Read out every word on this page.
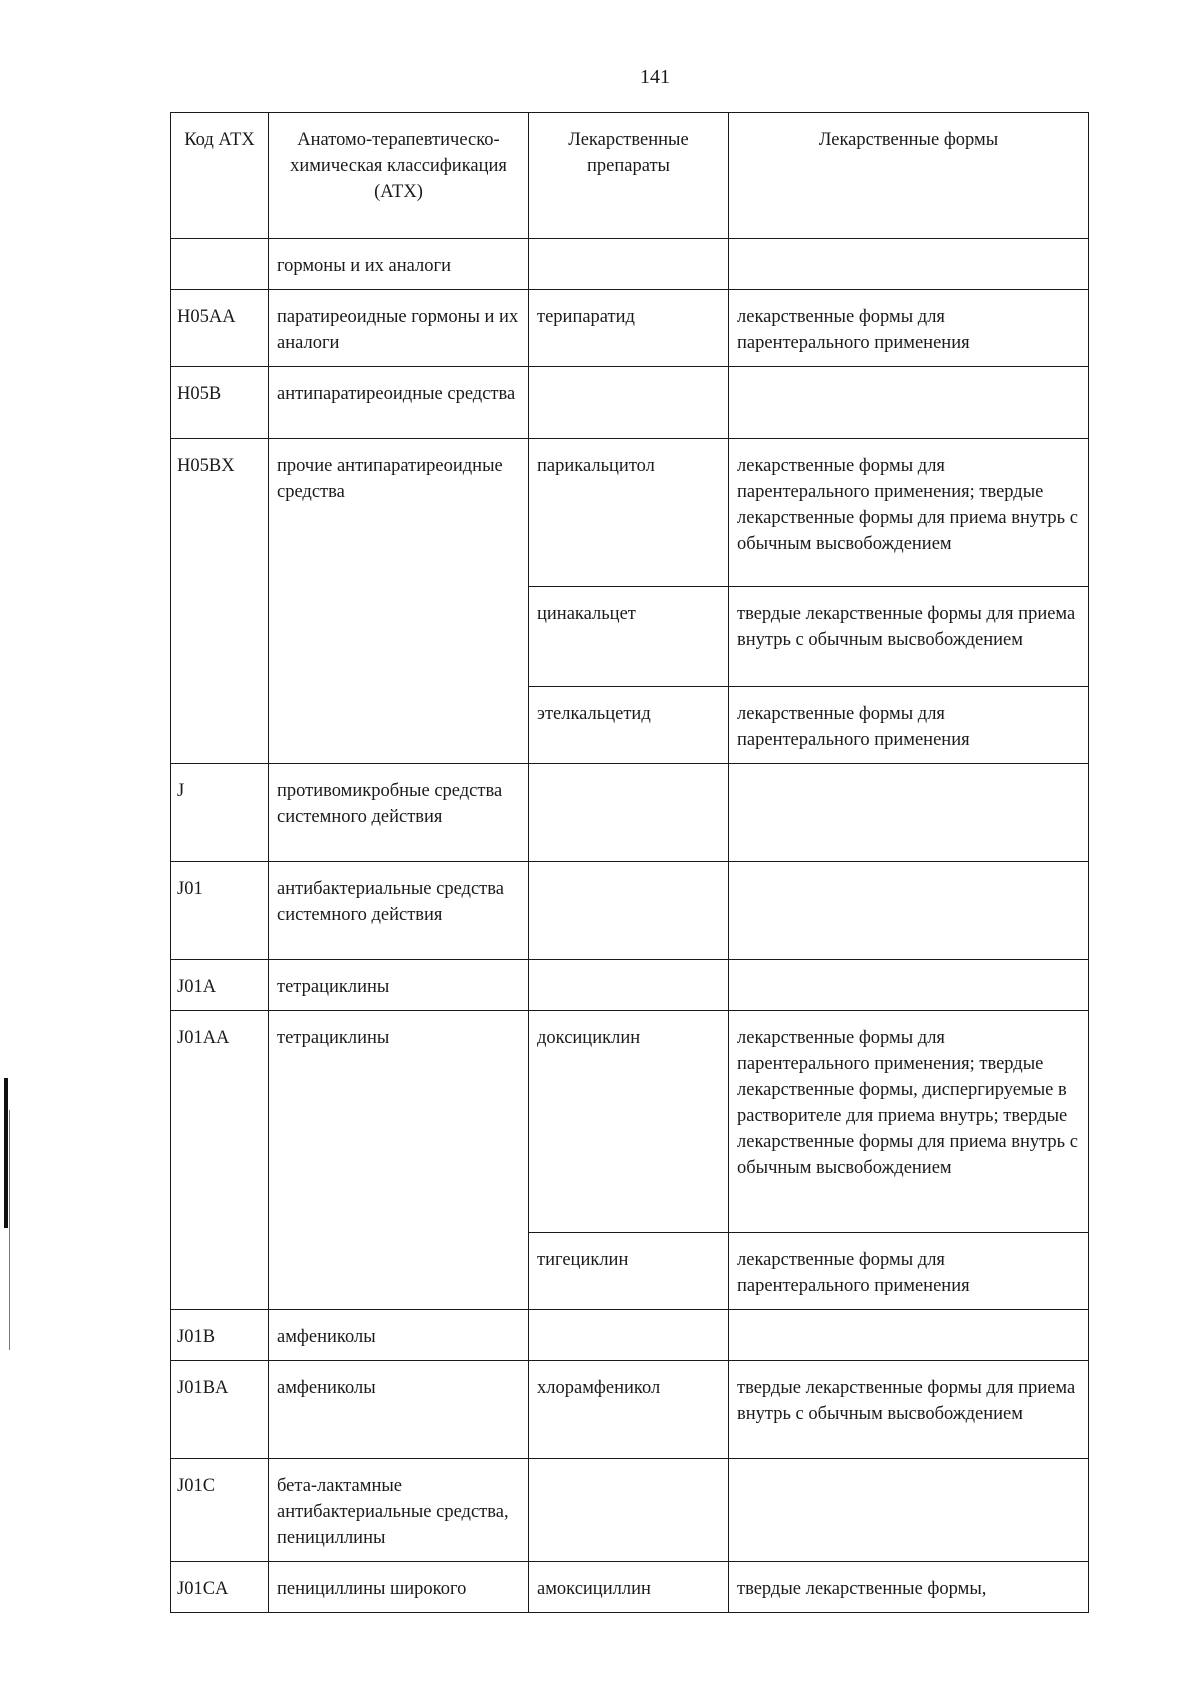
141
Код АТХ	Анатомо-терапевтическо-химическая классификация (АТХ)	Лекарственные препараты	Лекарственные формы
	гормоны и их аналоги		
H05AA	паратиреоидные гормоны и их аналоги	терипаратид	лекарственные формы для парентерального применения
H05B	антипаратиреоидные средства		
H05BX	прочие антипаратиреоидные средства	парикальцитол	лекарственные формы для парентерального применения; твердые лекарственные формы для приема внутрь с обычным высвобождением
		цинакальцет	твердые лекарственные формы для приема внутрь с обычным высвобождением
		этелкальцетид	лекарственные формы для парентерального применения
J	противомикробные средства системного действия		
J01	антибактериальные средства системного действия		
J01A	тетрациклины		
J01AA	тетрациклины	доксициклин	лекарственные формы для парентерального применения; твердые лекарственные формы, диспергируемые в растворителе для приема внутрь; твердые лекарственные формы для приема внутрь с обычным высвобождением
		тигециклин	лекарственные формы для парентерального применения
J01B	амфениколы		
J01BA	амфениколы	хлорамфеникол	твердые лекарственные формы для приема внутрь с обычным высвобождением
J01C	бета-лактамные антибактериальные средства, пенициллины		
J01CA	пенициллины широкого	амоксициллин	твердые лекарственные формы,
